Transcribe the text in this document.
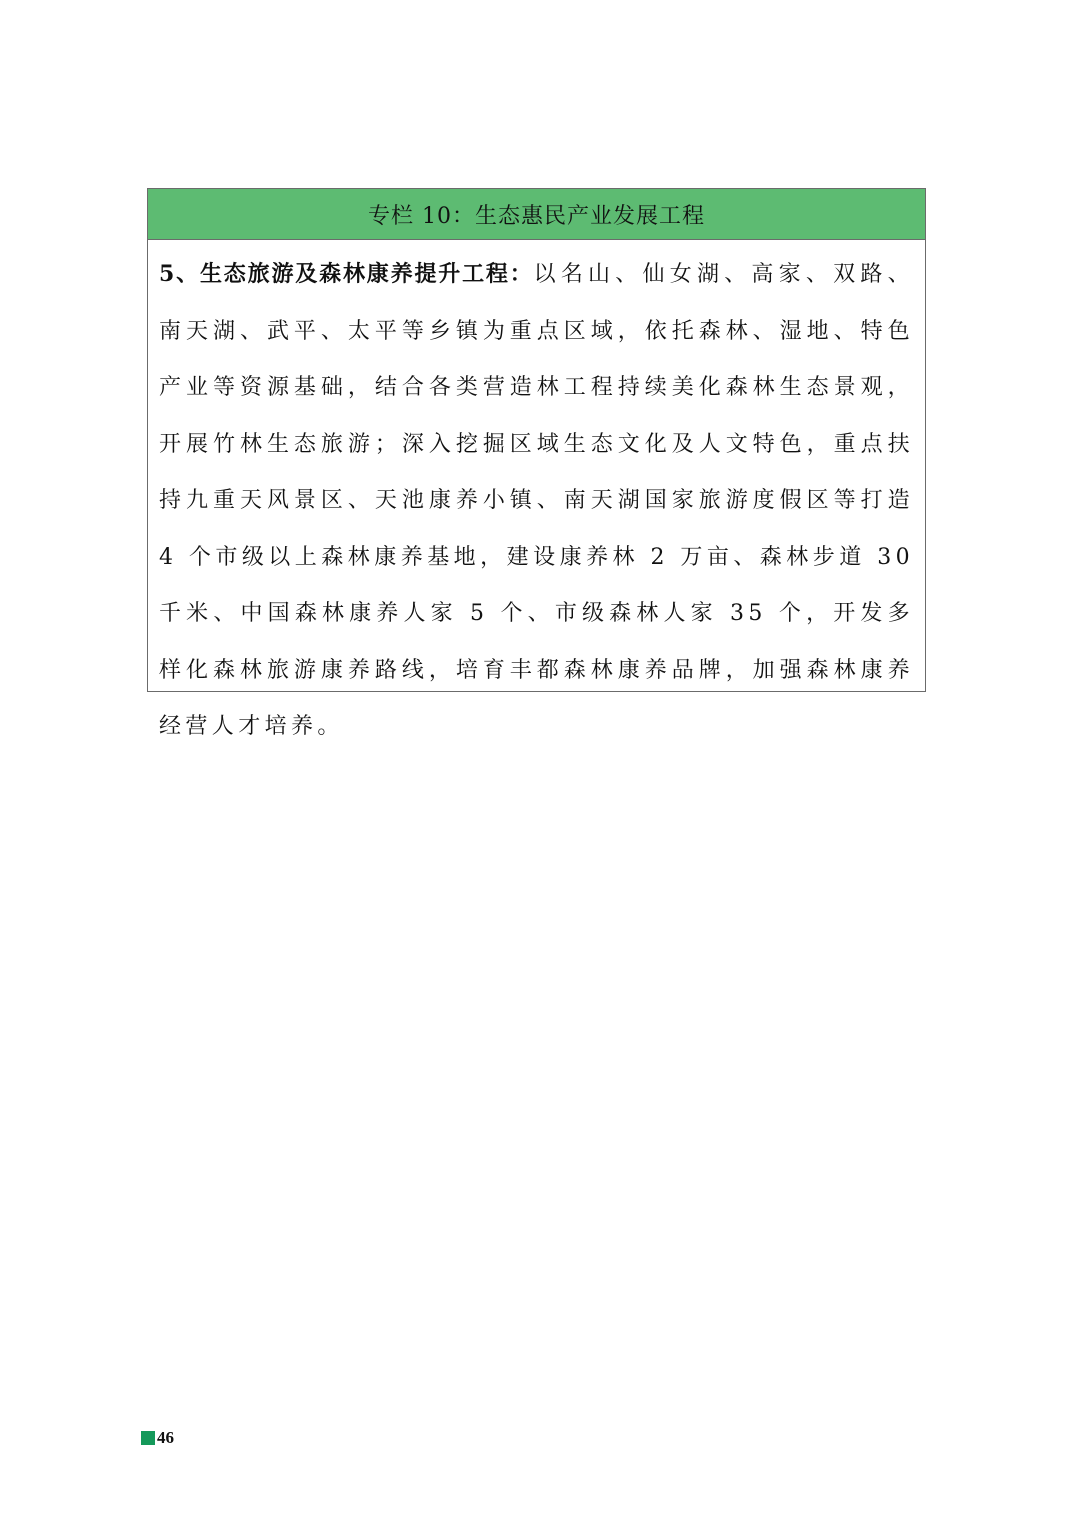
专栏 10：生态惠民产业发展工程
5、生态旅游及森林康养提升工程：以名山、仙女湖、高家、双路、南天湖、武平、太平等乡镇为重点区域，依托森林、湿地、特色产业等资源基础，结合各类营造林工程持续美化森林生态景观，开展竹林生态旅游；深入挖掘区域生态文化及人文特色，重点扶持九重天风景区、天池康养小镇、南天湖国家旅游度假区等打造 4 个市级以上森林康养基地，建设康养林 2 万亩、森林步道 30 千米、中国森林康养人家 5 个、市级森林人家 35 个，开发多样化森林旅游康养路线，培育丰都森林康养品牌，加强森林康养经营人才培养。
46
